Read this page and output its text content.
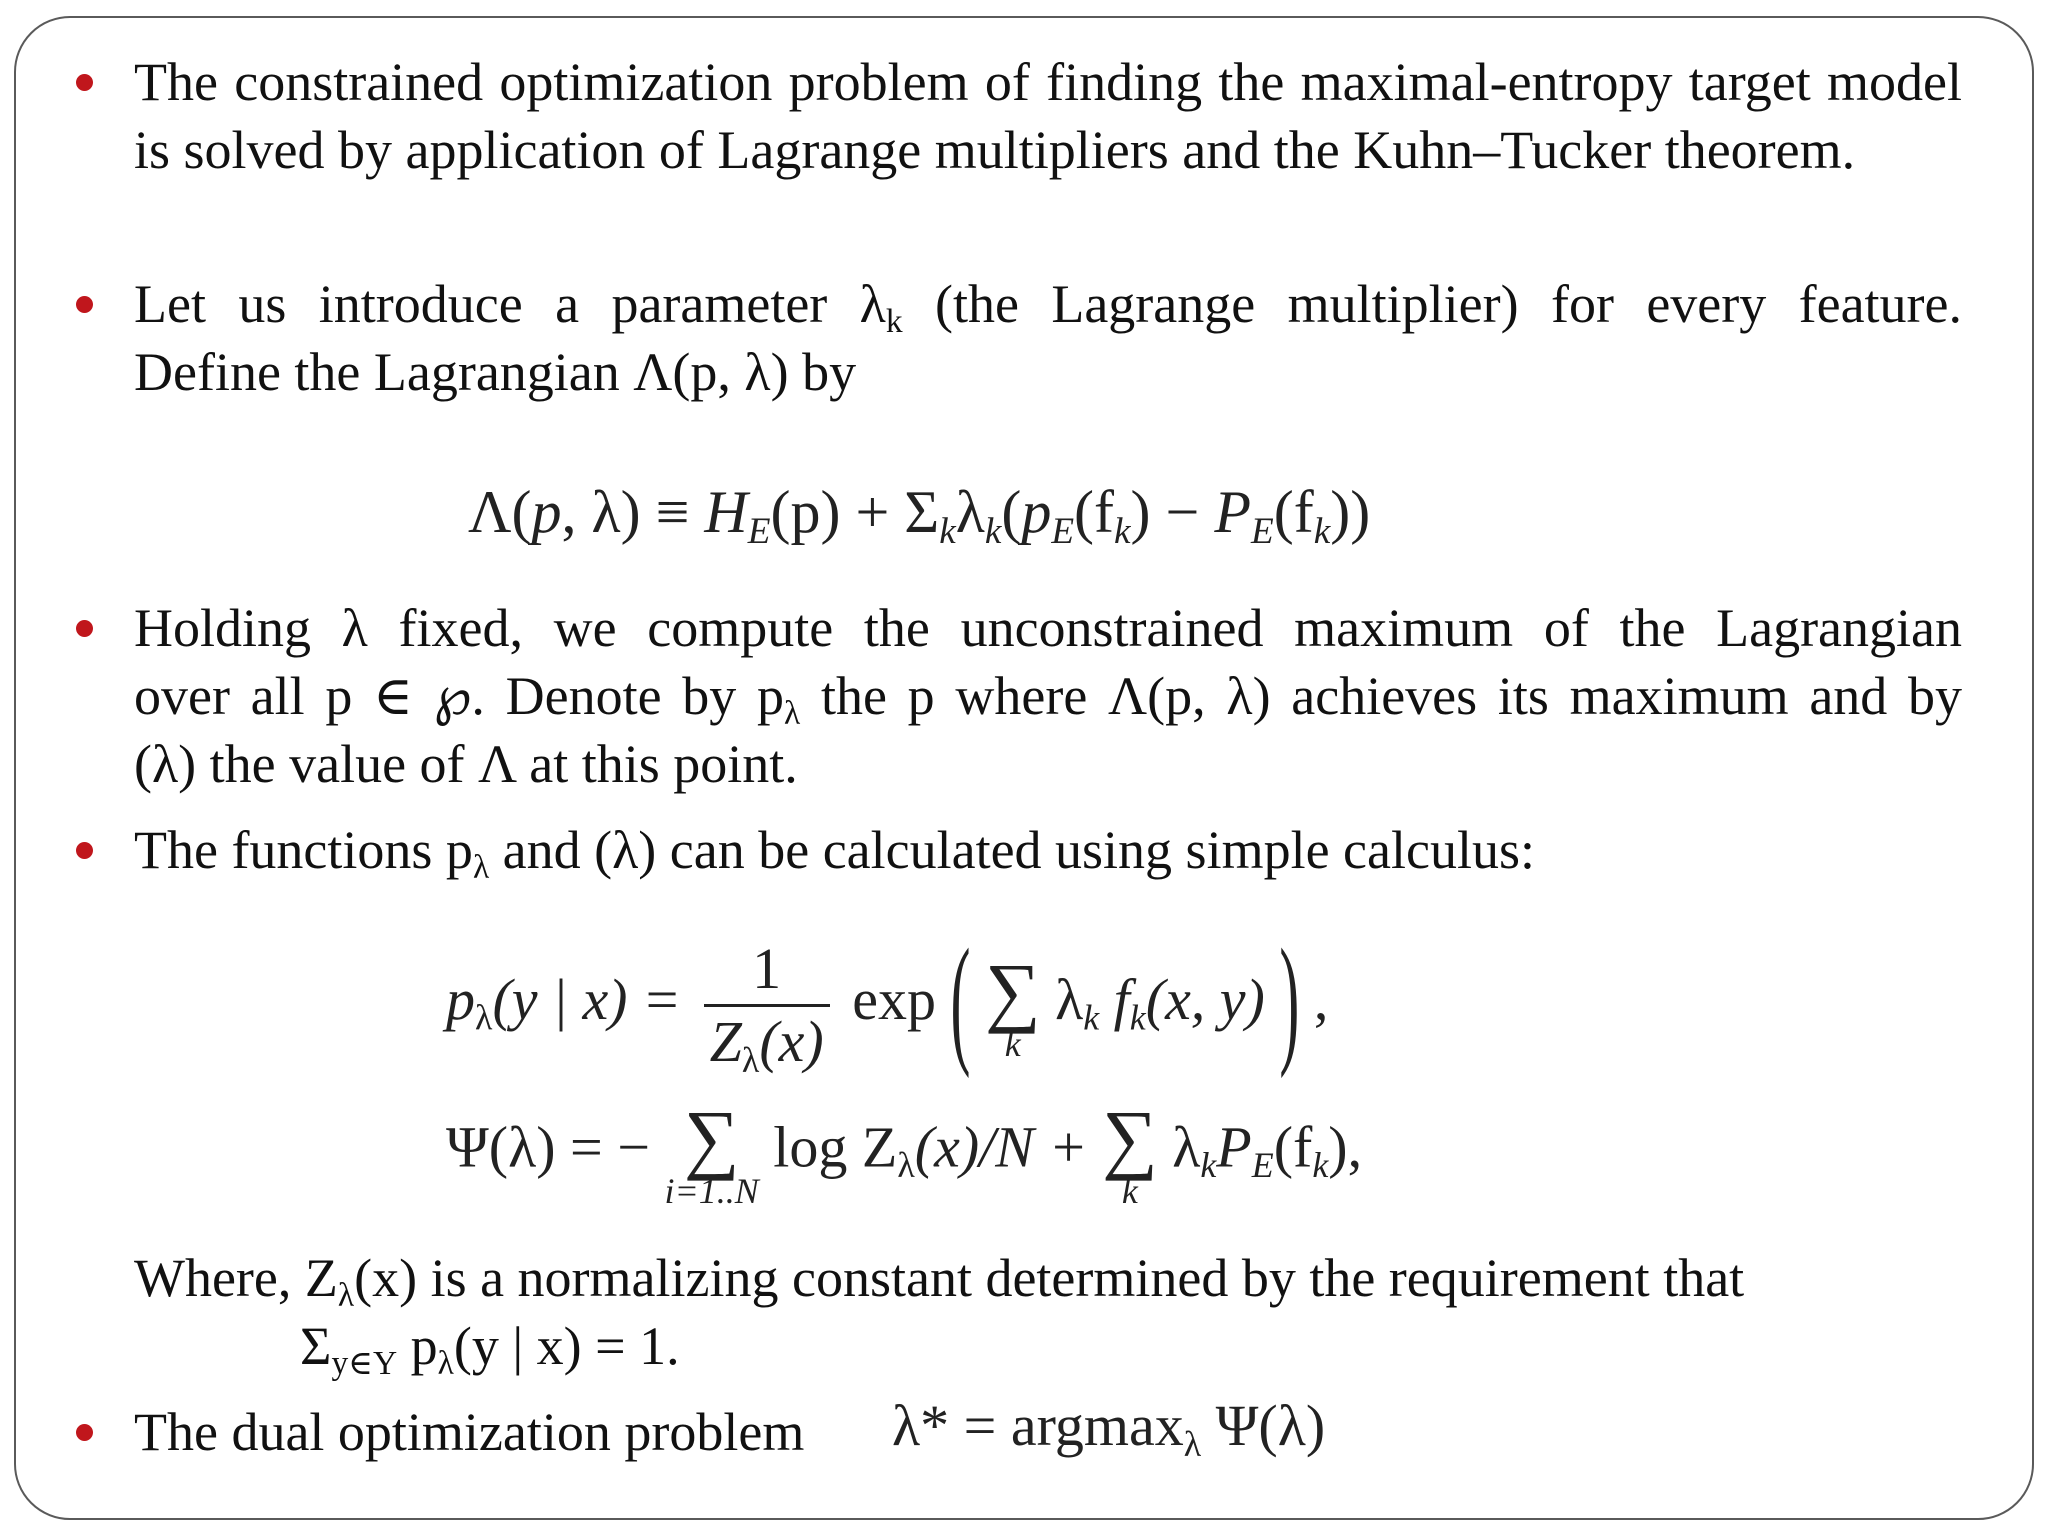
The constrained optimization problem of finding the maximal-entropy target model is solved by application of Lagrange multipliers and the Kuhn–Tucker theorem.
Let us introduce a parameter $\lambda_k$ (the Lagrange multiplier) for every feature.
Define the Lagrangian Λ(p, λ) by
Λ(p, $\lambda) \equiv H_E(p) + \Sigma_k\lambda_k(p_E(f_k) - P_E(f_k))$
Holding λ fixed, we compute the unconstrained maximum of the Lagrangian
over all p ∈ ℘. Denote by $p_\lambda$ the p where Λ(p, λ) achieves its maximum and by
(λ) the value of Λ at this point.
The functions $p_\lambda$ and (λ) can be calculated using simple calculus:
$p_\lambda(y$ | $x) = \frac{1}{Z_\lambda(x)}$ exp ( ∑
k
$\lambda_k$ $f_k(x$, y) ) ,
Ψ(λ) = − ∑
i=1..N
$\log Z_\lambda(x)/N$ + ∑
k
$\lambda_kP_E(f_k)$,
Where, $Z_\lambda(x)$ is a normalizing constant determined by the requirement that
$\Sigma_{y\in Y}$ $p_\lambda(y$ | x) = 1.
The dual optimization problem	λ* = argmax$_\lambda$ Ψ(λ)
